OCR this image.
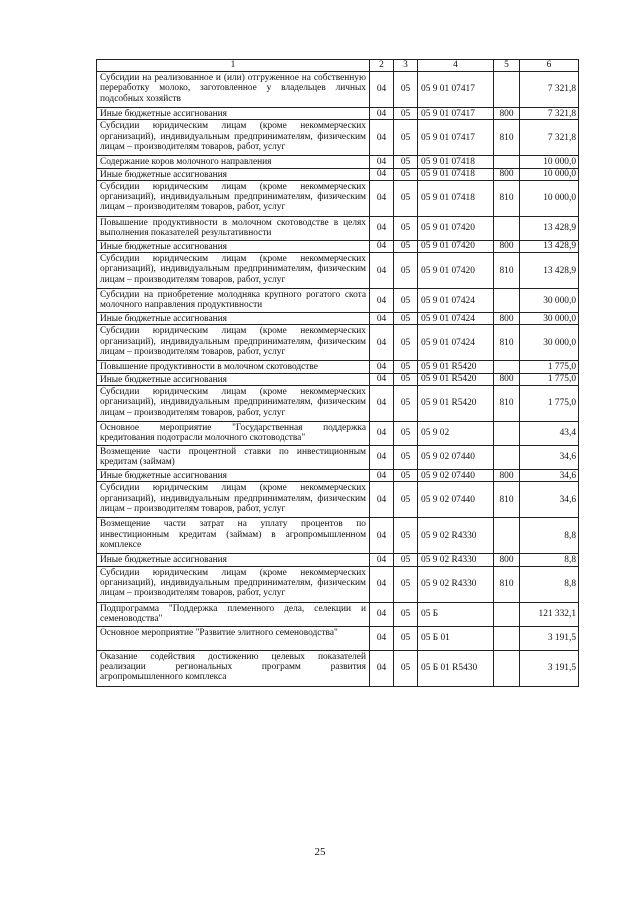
1	2	3	4	5	6
Субсидии на реализованное и (или) отгруженное на собственную переработку молоко, заготовленное у владельцев личных подсобных хозяйств	04	05	05 9 01 07417		7 321,8
Иные бюджетные ассигнования	04	05	05 9 01 07417	800	7 321,8
Субсидии юридическим лицам (кроме некоммерческих организаций), индивидуальным предпринимателям, физическим лицам – производителям товаров, работ, услуг	04	05	05 9 01 07417	810	7 321,8
Содержание коров молочного направления	04	05	05 9 01 07418		10 000,0
Иные бюджетные ассигнования	04	05	05 9 01 07418	800	10 000,0
Субсидии юридическим лицам (кроме некоммерческих организаций), индивидуальным предпринимателям, физическим лицам – производителям товаров, работ, услуг	04	05	05 9 01 07418	810	10 000,0
Повышение продуктивности в молочном скотоводстве в целях выполнения показателей результативности	04	05	05 9 01 07420		13 428,9
Иные бюджетные ассигнования	04	05	05 9 01 07420	800	13 428,9
Субсидии юридическим лицам (кроме некоммерческих организаций), индивидуальным предпринимателям, физическим лицам – производителям товаров, работ, услуг	04	05	05 9 01 07420	810	13 428,9
Субсидии на приобретение молодняка крупного рогатого скота молочного направления продуктивности	04	05	05 9 01 07424		30 000,0
Иные бюджетные ассигнования	04	05	05 9 01 07424	800	30 000,0
Субсидии юридическим лицам (кроме некоммерческих организаций), индивидуальным предпринимателям, физическим лицам – производителям товаров, работ, услуг	04	05	05 9 01 07424	810	30 000,0
Повышение продуктивности в молочном скотоводстве	04	05	05 9 01 R5420		1 775,0
Иные бюджетные ассигнования	04	05	05 9 01 R5420	800	1 775,0
Субсидии юридическим лицам (кроме некоммерческих организаций), индивидуальным предпринимателям, физическим лицам – производителям товаров, работ, услуг	04	05	05 9 01 R5420	810	1 775,0
Основное мероприятие "Государственная поддержка кредитования подотрасли молочного скотоводства"	04	05	05 9 02		43,4
Возмещение части процентной ставки по инвестиционным кредитам (займам)	04	05	05 9 02 07440		34,6
Иные бюджетные ассигнования	04	05	05 9 02 07440	800	34,6
Субсидии юридическим лицам (кроме некоммерческих организаций), индивидуальным предпринимателям, физическим лицам – производителям товаров, работ, услуг	04	05	05 9 02 07440	810	34,6
Возмещение части затрат на уплату процентов по инвестиционным кредитам (займам) в агропромышленном комплексе	04	05	05 9 02 R4330		8,8
Иные бюджетные ассигнования	04	05	05 9 02 R4330	800	8,8
Субсидии юридическим лицам (кроме некоммерческих организаций), индивидуальным предпринимателям, физическим лицам – производителям товаров, работ, услуг	04	05	05 9 02 R4330	810	8,8
Подпрограмма "Поддержка племенного дела, селекции и семеноводства"	04	05	05 Б		121 332,1
Основное мероприятие "Развитие элитного семеноводства"	04	05	05 Б 01		3 191,5
Оказание содействия достижению целевых показателей реализации региональных программ развития агропромышленного комплекса	04	05	05 Б 01 R5430		3 191,5
25
